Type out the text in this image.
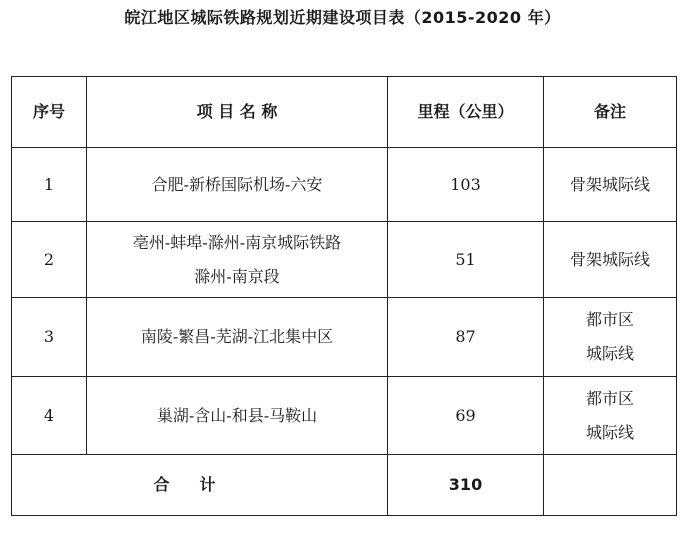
皖江地区城际铁路规划近期建设项目表（2015-2020 年）
序号	项 目 名 称	里程（公里）	备注
1	合肥-新桥国际机场-六安	103	骨架城际线

2	亳州-蚌埠-滁州-南京城际铁路
滁州-南京段	51	骨架城际线

3	南陵-繁昌-芜湖-江北集中区	87	都市区
城际线

4	巢湖-含山-和县-马鞍山	69	都市区
城际线

合计		310	
